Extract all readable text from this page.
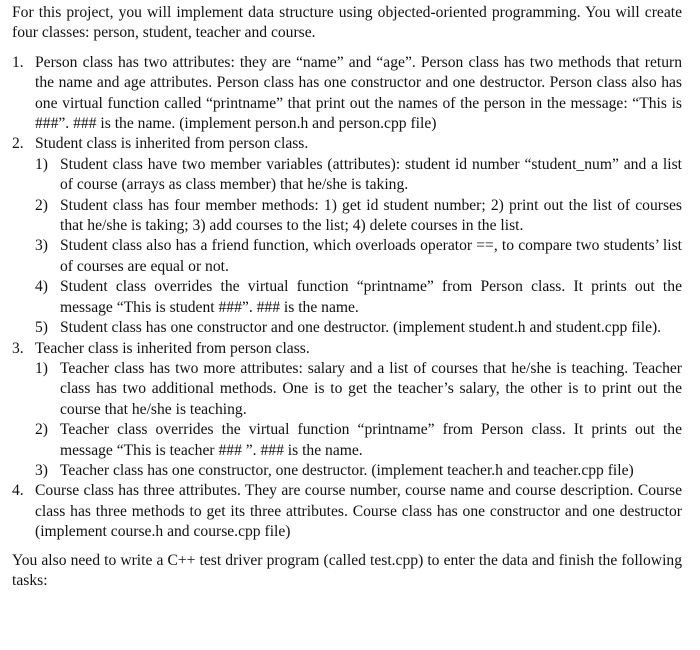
For this project, you will implement data structure using objected-oriented programming. You will create four classes: person, student, teacher and course.

1. Person class has two attributes: they are “name” and “age”. Person class has two methods that return the name and age attributes. Person class has one constructor and one destructor. Person class also has one virtual function called “printname” that print out the names of the person in the message: “This is ###”. ### is the name. (implement person.h and person.cpp file)

2. Student class is inherited from person class.

1) Student class have two member variables (attributes): student id number “student_num” and a list of course (arrays as class member) that he/she is taking.

2) Student class has four member methods: 1) get id student number; 2) print out the list of courses that he/she is taking; 3) add courses to the list; 4) delete courses in the list.

3) Student class also has a friend function, which overloads operator ==, to compare two students’ list of courses are equal or not.

4) Student class overrides the virtual function “printname” from Person class. It prints out the message “This is student ###”. ### is the name.

5) Student class has one constructor and one destructor. (implement student.h and student.cpp file).

3. Teacher class is inherited from person class.

1) Teacher class has two more attributes: salary and a list of courses that he/she is teaching. Teacher class has two additional methods. One is to get the teacher’s salary, the other is to print out the course that he/she is teaching.

2) Teacher class overrides the virtual function “printname” from Person class. It prints out the message “This is teacher ### ”. ### is the name.

3) Teacher class has one constructor, one destructor. (implement teacher.h and teacher.cpp file)

4. Course class has three attributes. They are course number, course name and course description. Course class has three methods to get its three attributes. Course class has one constructor and one destructor (implement course.h and course.cpp file)

You also need to write a C++ test driver program (called test.cpp) to enter the data and finish the following tasks:
